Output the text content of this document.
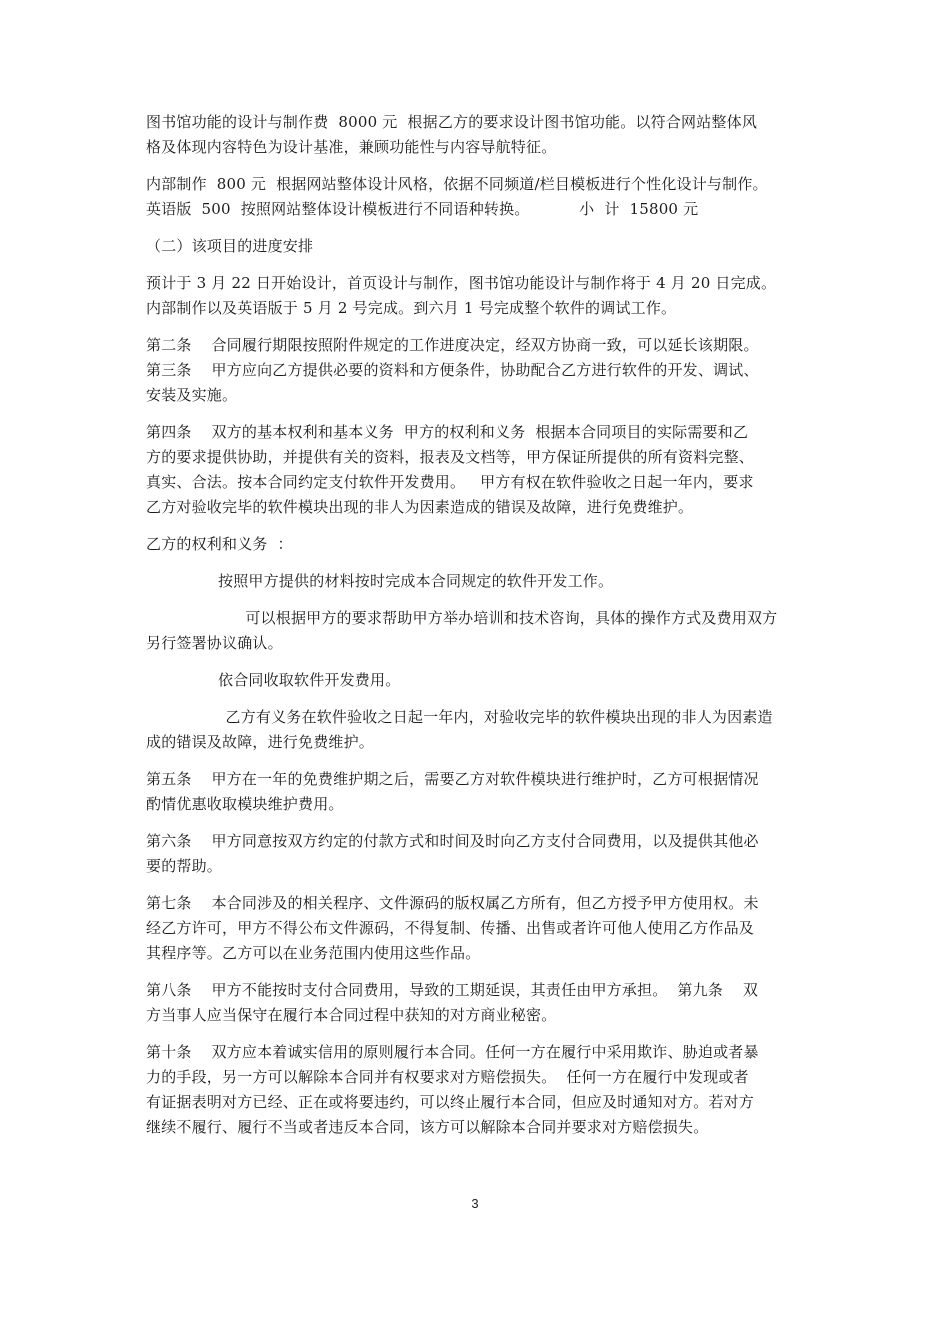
图书馆功能的设计与制作费  8000 元  根据乙方的要求设计图书馆功能。以符合网站整体风
格及体现内容特色为设计基准，兼顾功能性与内容导航特征。

内部制作  800 元  根据网站整体设计风格，依据不同频道/栏目模板进行个性化设计与制作。
英语版  500  按照网站整体设计模板进行不同语种转换。          小  计  15800 元

（二）该项目的进度安排

预计于 3 月 22 日开始设计，首页设计与制作，图书馆功能设计与制作将于 4 月 20 日完成。
内部制作以及英语版于 5 月 2 号完成。到六月 1 号完成整个软件的调试工作。

第二条    合同履行期限按照附件规定的工作进度决定，经双方协商一致，可以延长该期限。
第三条    甲方应向乙方提供必要的资料和方便条件，协助配合乙方进行软件的开发、调试、
安装及实施。

第四条    双方的基本权利和基本义务  甲方的权利和义务  根据本合同项目的实际需要和乙
方的要求提供协助，并提供有关的资料，报表及文档等，甲方保证所提供的所有资料完整、
真实、合法。按本合同约定支付软件开发费用。   甲方有权在软件验收之日起一年内，要求
乙方对验收完毕的软件模块出现的非人为因素造成的错误及故障，进行免费维护。

乙方的权利和义务  ：

按照甲方提供的材料按时完成本合同规定的软件开发工作。

可以根据甲方的要求帮助甲方举办培训和技术咨询，具体的操作方式及费用双方
另行签署协议确认。

依合同收取软件开发费用。

乙方有义务在软件验收之日起一年内，对验收完毕的软件模块出现的非人为因素造
成的错误及故障，进行免费维护。

第五条    甲方在一年的免费维护期之后，需要乙方对软件模块进行维护时，乙方可根据情况
酌情优惠收取模块维护费用。

第六条    甲方同意按双方约定的付款方式和时间及时向乙方支付合同费用，以及提供其他必
要的帮助。

第七条    本合同涉及的相关程序、文件源码的版权属乙方所有，但乙方授予甲方使用权。未
经乙方许可，甲方不得公布文件源码，不得复制、传播、出售或者许可他人使用乙方作品及
其程序等。乙方可以在业务范围内使用这些作品。

第八条    甲方不能按时支付合同费用，导致的工期延误，其责任由甲方承担。  第九条    双
方当事人应当保守在履行本合同过程中获知的对方商业秘密。

第十条    双方应本着诚实信用的原则履行本合同。任何一方在履行中采用欺诈、胁迫或者暴
力的手段，另一方可以解除本合同并有权要求对方赔偿损失。  任何一方在履行中发现或者
有证据表明对方已经、正在或将要违约，可以终止履行本合同，但应及时通知对方。若对方
继续不履行、履行不当或者违反本合同，该方可以解除本合同并要求对方赔偿损失。

3
